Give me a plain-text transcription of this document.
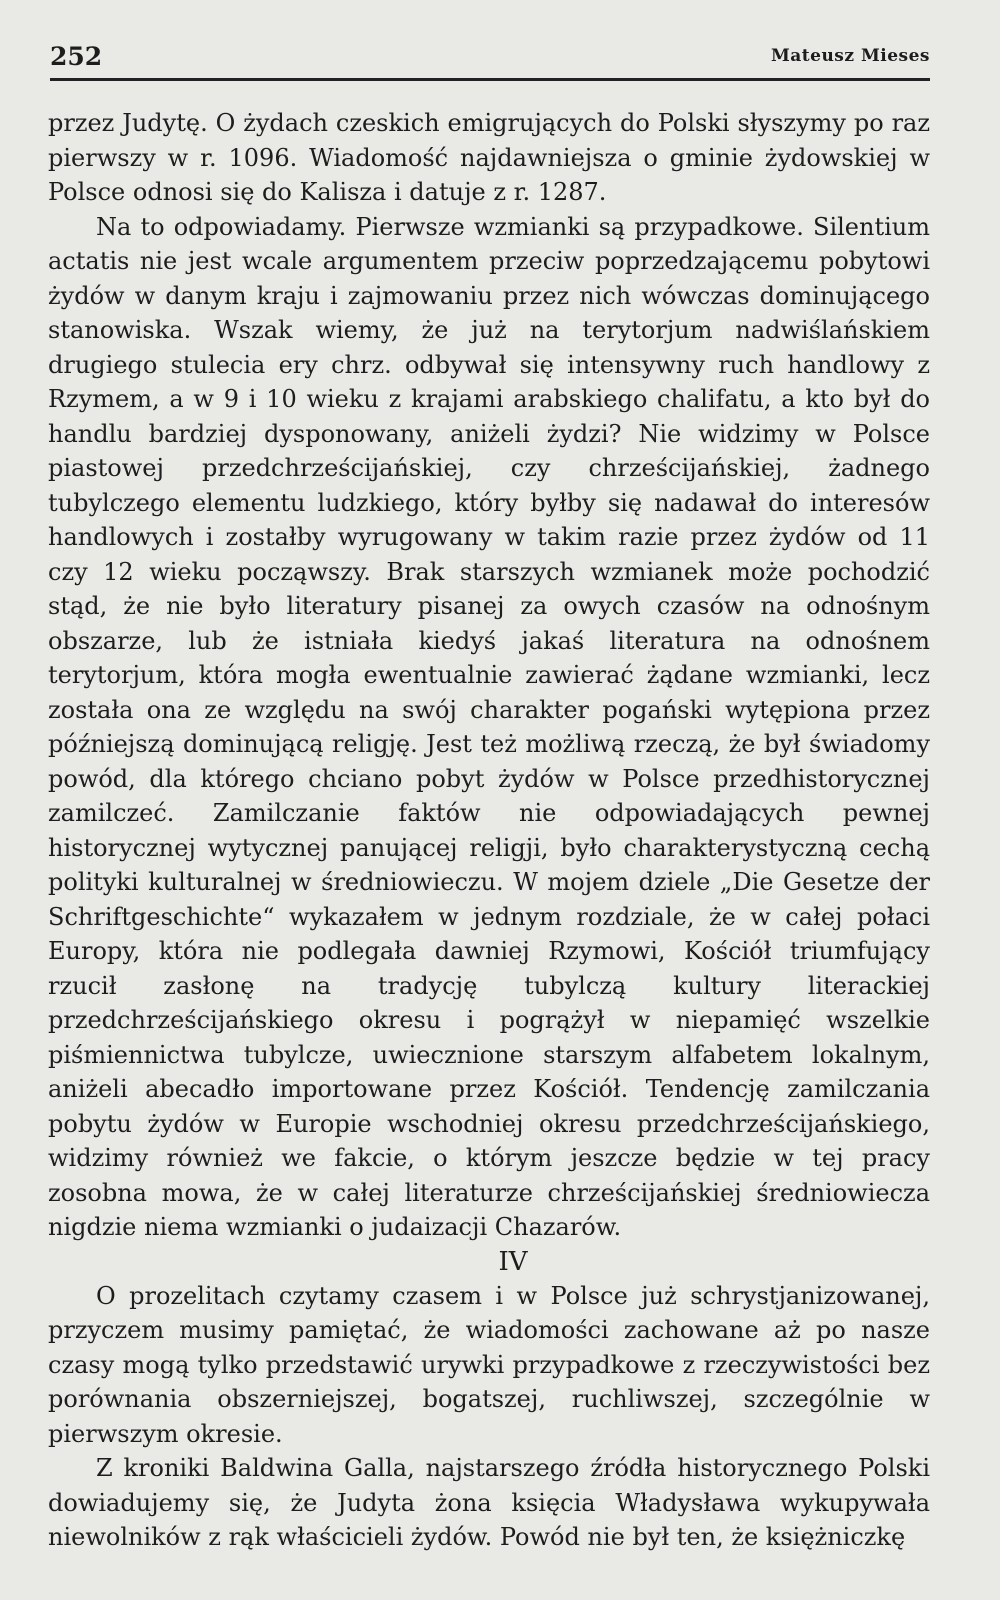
252	Mateusz Mieses

przez Judytę. O żydach czeskich emigrujących do Polski słyszymy po raz pierwszy w r. 1096. Wiadomość najdawniejsza o gminie żydowskiej w Polsce odnosi się do Kalisza i datuje z r. 1287.

Na to odpowiadamy. Pierwsze wzmianki są przypadkowe. Silentium actatis nie jest wcale argumentem przeciw poprzedzającemu pobytowi żydów w danym kraju i zajmowaniu przez nich wówczas dominującego stanowiska. Wszak wiemy, że już na terytorjum nadwiślańskiem drugiego stulecia ery chrz. odbywał się intensywny ruch handlowy z Rzymem, a w 9 i 10 wieku z krajami arabskiego chalifatu, a kto był do handlu bardziej dysponowany, aniżeli żydzi? Nie widzimy w Polsce piastowej przedchrześcijańskiej, czy chrześcijańskiej, żadnego tubylczego elementu ludzkiego, który byłby się nadawał do interesów handlowych i zostałby wyrugowany w takim razie przez żydów od 11 czy 12 wieku począwszy. Brak starszych wzmianek może pochodzić stąd, że nie było literatury pisanej za owych czasów na odnośnym obszarze, lub że istniała kiedyś jakaś literatura na odnośnem terytorjum, która mogła ewentualnie zawierać żądane wzmianki, lecz została ona ze względu na swój charakter pogański wytępiona przez późniejszą dominującą religję. Jest też możliwą rzeczą, że był świadomy powód, dla którego chciano pobyt żydów w Polsce przedhistorycznej zamilczeć. Zamilczanie faktów nie odpowiadających pewnej historycznej wytycznej panującej religji, było charakterystyczną cechą polityki kulturalnej w średniowieczu. W mojem dziele „Die Gesetze der Schriftgeschichte“ wykazałem w jednym rozdziale, że w całej połaci Europy, która nie podlegała dawniej Rzymowi, Kościół triumfujący rzucił zasłonę na tradycję tubylczą kultury literackiej przedchrześcijańskiego okresu i pogrążył w niepamięć wszelkie piśmiennictwa tubylcze, uwiecznione starszym alfabetem lokalnym, aniżeli abecadło importowane przez Kościół. Tendencję zamilczania pobytu żydów w Europie wschodniej okresu przedchrześcijańskiego, widzimy również we fakcie, o którym jeszcze będzie w tej pracy zosobna mowa, że w całej literaturze chrześcijańskiej średniowiecza nigdzie niema wzmianki o judaizacji Chazarów.

IV

O prozelitach czytamy czasem i w Polsce już schrystjanizowanej, przyczem musimy pamiętać, że wiadomości zachowane aż po nasze czasy mogą tylko przedstawić urywki przypadkowe z rzeczywistości bez porównania obszerniejszej, bogatszej, ruchliwszej, szczególnie w pierwszym okresie.

Z kroniki Baldwina Galla, najstarszego źródła historycznego Polski dowiadujemy się, że Judyta żona księcia Władysława wykupywała niewolników z rąk właścicieli żydów. Powód nie był ten, że księżniczkę
